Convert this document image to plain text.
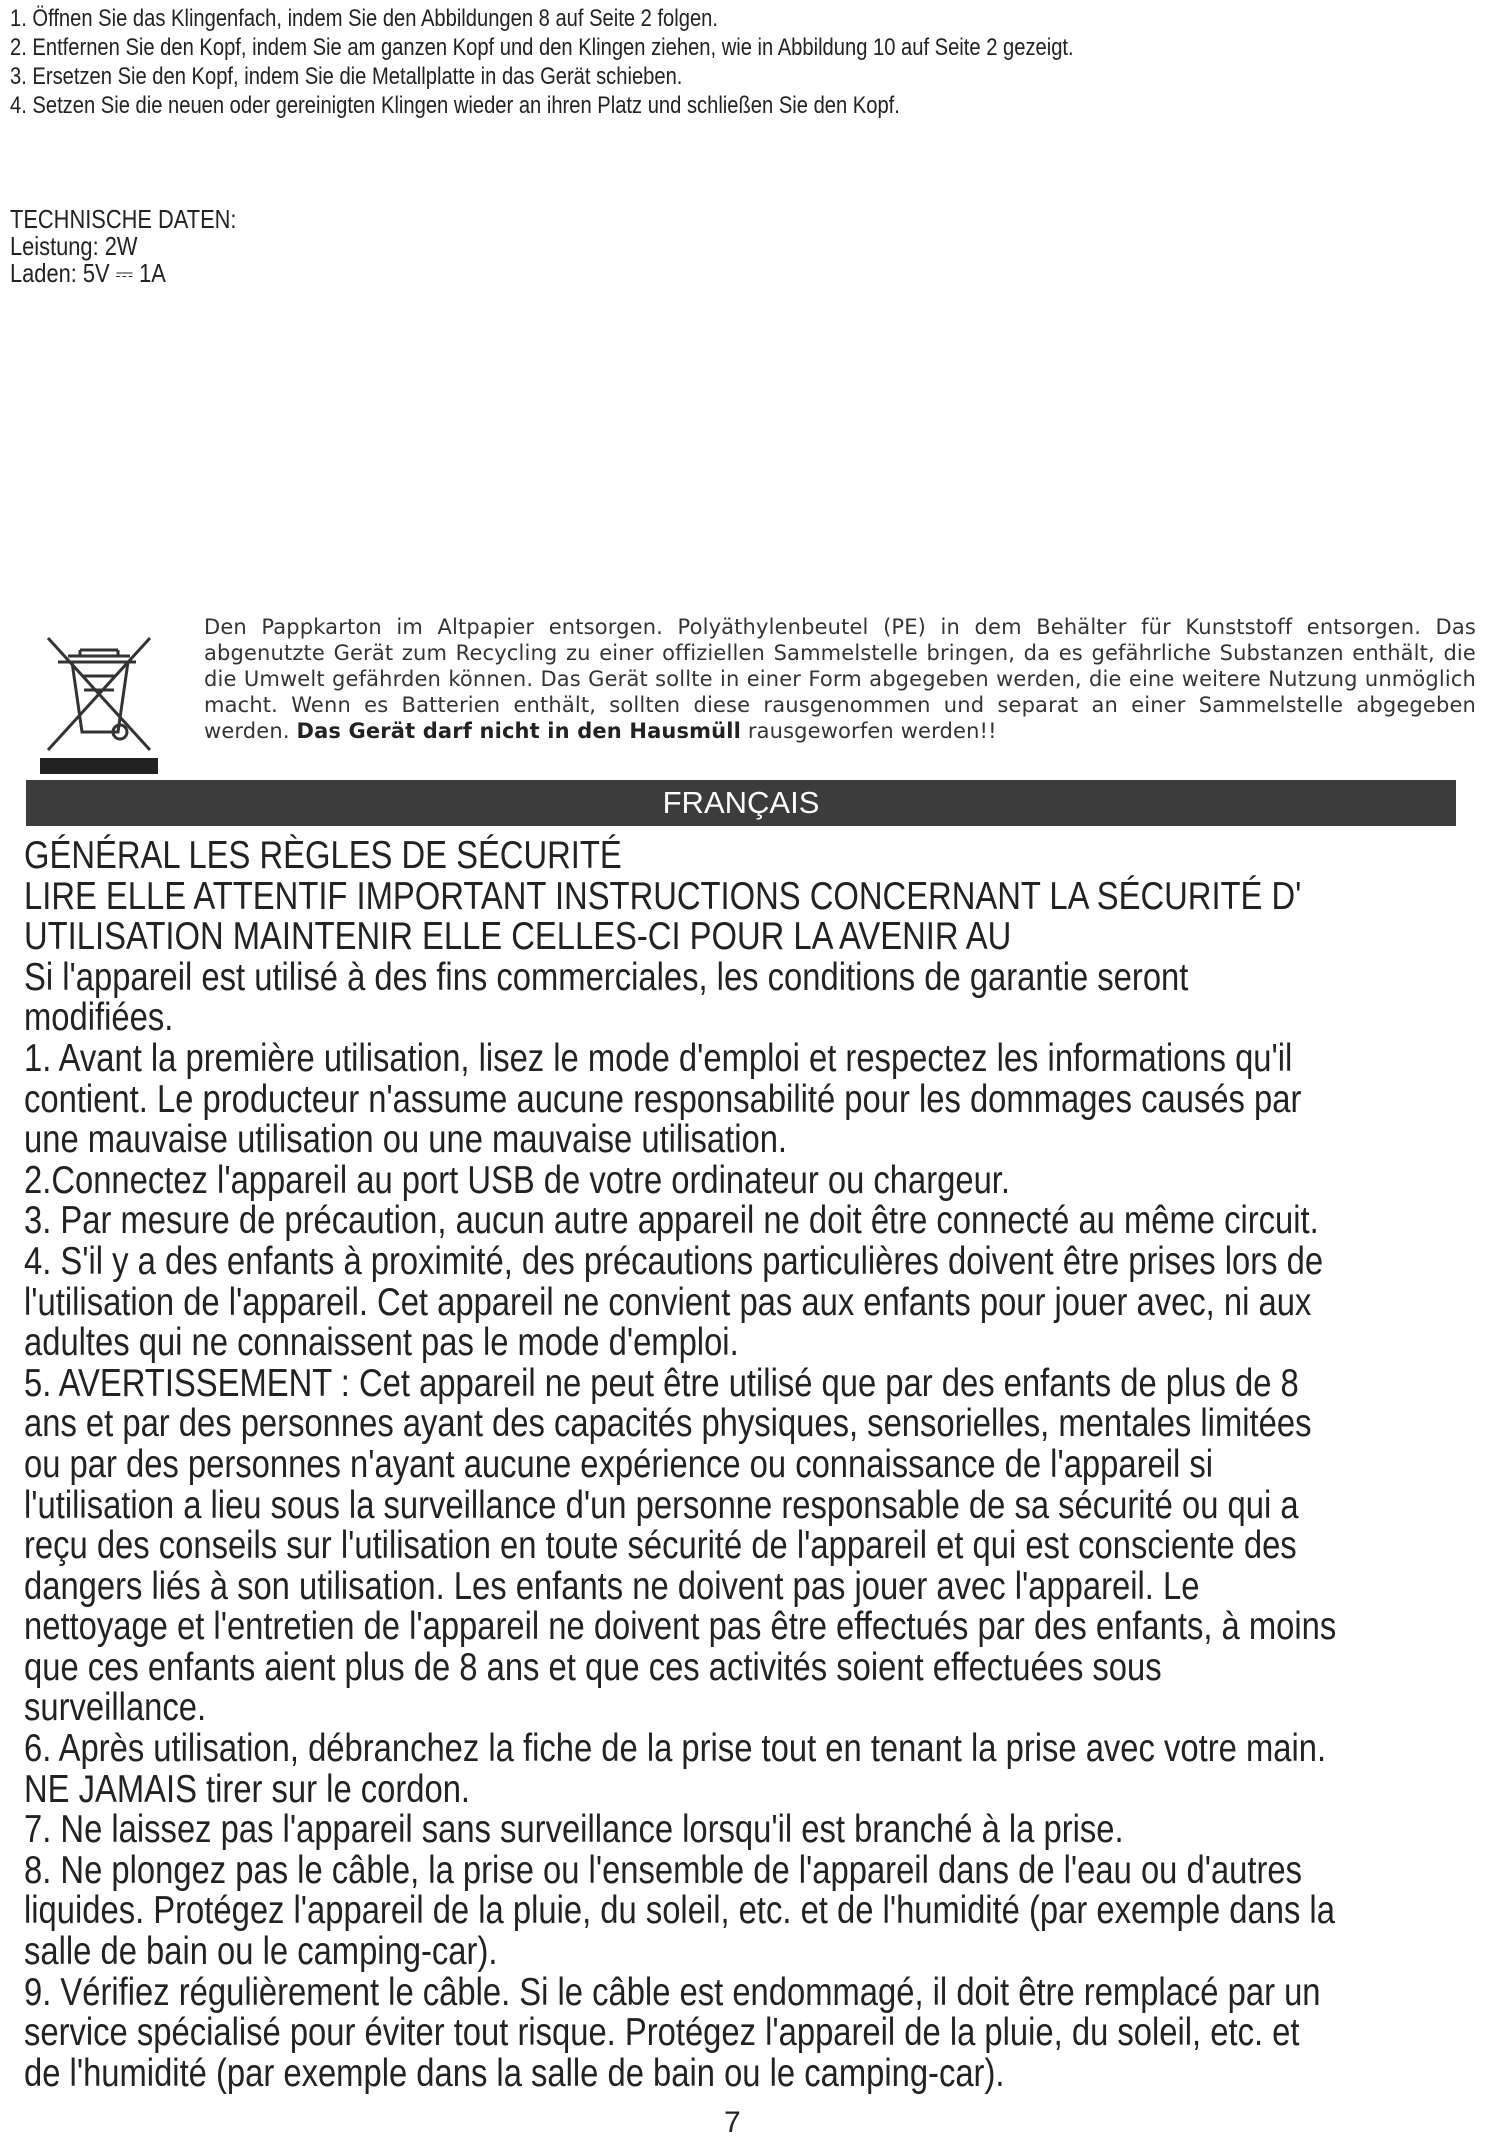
1. Öffnen Sie das Klingenfach, indem Sie den Abbildungen 8 auf Seite 2 folgen.
2. Entfernen Sie den Kopf, indem Sie am ganzen Kopf und den Klingen ziehen, wie in Abbildung 10 auf Seite 2 gezeigt.
3. Ersetzen Sie den Kopf, indem Sie die Metallplatte in das Gerät schieben.
4. Setzen Sie die neuen oder gereinigten Klingen wieder an ihren Platz und schließen Sie den Kopf.
TECHNISCHE DATEN:
Leistung: 2W
Laden: 5V ⎓ 1A
Den Pappkarton im Altpapier entsorgen. Polyäthylenbeutel (PE) in dem Behälter für Kunststoff entsorgen. Das abgenutzte Gerät zum Recycling zu einer offiziellen Sammelstelle bringen, da es gefährliche Substanzen enthält, die die Umwelt gefährden können. Das Gerät sollte in einer Form abgegeben werden, die eine weitere Nutzung unmöglich macht. Wenn es Batterien enthält, sollten diese rausgenommen und separat an einer Sammelstelle abgegeben werden. Das Gerät darf nicht in den Hausmüll rausgeworfen werden!!
FRANÇAIS
GÉNÉRAL LES RÈGLES DE SÉCURITÉ
LIRE ELLE ATTENTIF IMPORTANT INSTRUCTIONS CONCERNANT LA SÉCURITÉ D'
UTILISATION MAINTENIR ELLE CELLES-CI POUR LA AVENIR AU
Si l'appareil est utilisé à des fins commerciales, les conditions de garantie seront
modifiées.
1. Avant la première utilisation, lisez le mode d'emploi et respectez les informations qu'il
contient. Le producteur n'assume aucune responsabilité pour les dommages causés par
une mauvaise utilisation ou une mauvaise utilisation.
2.Connectez l'appareil au port USB de votre ordinateur ou chargeur.
3. Par mesure de précaution, aucun autre appareil ne doit être connecté au même circuit.
4. S'il y a des enfants à proximité, des précautions particulières doivent être prises lors de
l'utilisation de l'appareil. Cet appareil ne convient pas aux enfants pour jouer avec, ni aux
adultes qui ne connaissent pas le mode d'emploi.
5. AVERTISSEMENT : Cet appareil ne peut être utilisé que par des enfants de plus de 8
ans et par des personnes ayant des capacités physiques, sensorielles, mentales limitées
ou par des personnes n'ayant aucune expérience ou connaissance de l'appareil si
l'utilisation a lieu sous la surveillance d'un personne responsable de sa sécurité ou qui a
reçu des conseils sur l'utilisation en toute sécurité de l'appareil et qui est consciente des
dangers liés à son utilisation. Les enfants ne doivent pas jouer avec l'appareil. Le
nettoyage et l'entretien de l'appareil ne doivent pas être effectués par des enfants, à moins
que ces enfants aient plus de 8 ans et que ces activités soient effectuées sous
surveillance.
6. Après utilisation, débranchez la fiche de la prise tout en tenant la prise avec votre main.
NE JAMAIS tirer sur le cordon.
7. Ne laissez pas l'appareil sans surveillance lorsqu'il est branché à la prise.
8. Ne plongez pas le câble, la prise ou l'ensemble de l'appareil dans de l'eau ou d'autres
liquides. Protégez l'appareil de la pluie, du soleil, etc. et de l'humidité (par exemple dans la
salle de bain ou le camping-car).
9. Vérifiez régulièrement le câble. Si le câble est endommagé, il doit être remplacé par un
service spécialisé pour éviter tout risque. Protégez l'appareil de la pluie, du soleil, etc. et
de l'humidité (par exemple dans la salle de bain ou le camping-car).
7
